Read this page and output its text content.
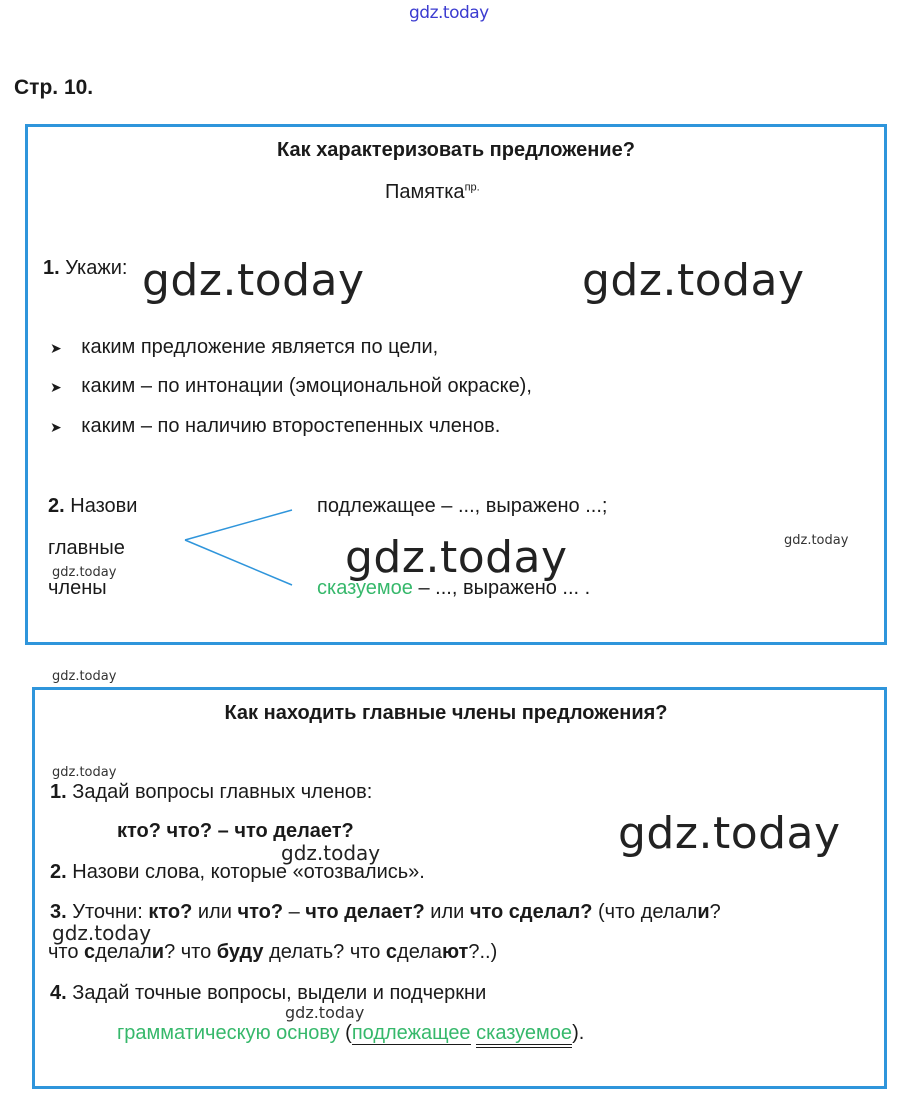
gdz.today
Стр. 10.
Как характеризовать предложение?
Памятка$^{пр.}$
1. Укажи: gdz.today	gdz.today
➤ каким предложение является по цели,
➤ каким – по интонации (эмоциональной окраске),
➤ каким – по наличию второстепенных членов.
2. Назови
главные
gdz.today
члены
подлежащее – ..., выражено ...;
gdz.today	gdz.today
сказуемое – ..., выражено ... .
gdz.today
Как находить главные члены предложения?
gdz.today
1. Задай вопросы главных членов:
кто? что? – что делает?	gdz.today
gdz.today
2. Назови слова, которые «отозвались».
3. Уточни: кто? или что? – что делает? или что сделал? (что делали?
gdz.today
что сделали? что буду делать? что сделают?..)
4. Задай точные вопросы, выдели и подчеркни
gdz.today
грамматическую основу (подлежащее сказуемое).
